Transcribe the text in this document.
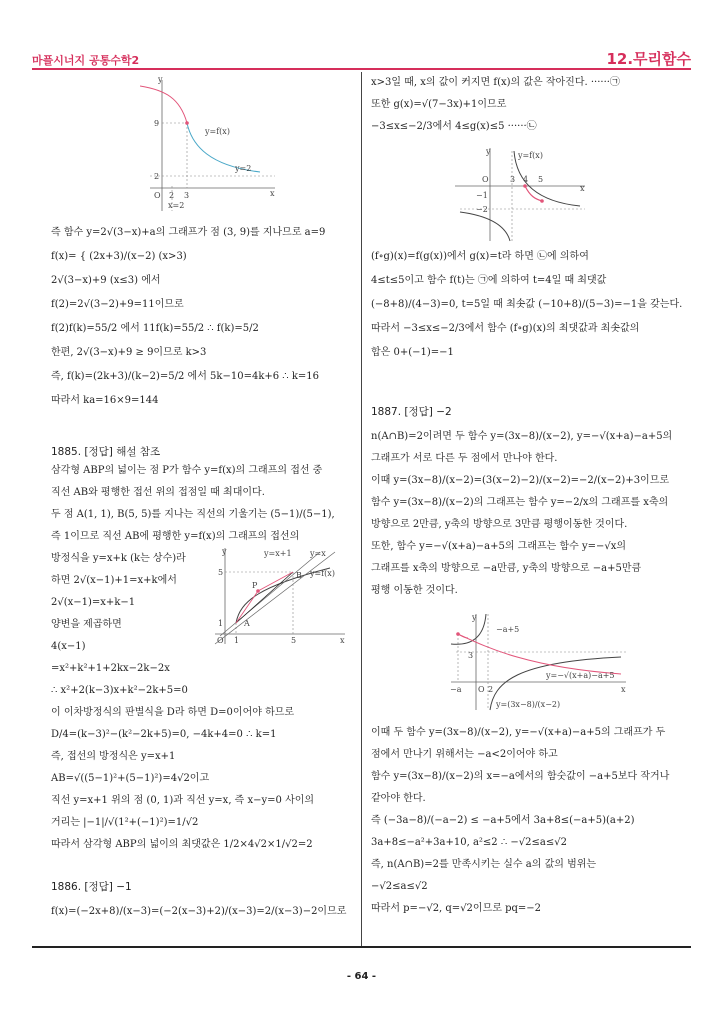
마플시너지 공통수학2	12.무리함수
- 64 -
y
x
O 2 3
9
2
y=f(x)
y=2
x=2
즉 함수 y=2√(3−x)+a의 그래프가 점 (3, 9)를 지나므로 a=9
f(x)= { (2x+3)/(x−2) (x>3)
2√(3−x)+9 (x≤3) 에서
f(2)=2√(3−2)+9=11이므로
f(2)f(k)=55/2 에서 11f(k)=55/2 ∴ f(k)=5/2
한편, 2√(3−x)+9 ≥ 9이므로 k>3
즉, f(k)=(2k+3)/(k−2)=5/2 에서 5k−10=4k+6 ∴ k=16
따라서 ka=16×9=144
1885. [정답] 해설 참조
삼각형 ABP의 넓이는 점 P가 함수 y=f(x)의 그래프의 접선 중
직선 AB와 평행한 접선 위의 접점일 때 최대이다.
두 점 A(1, 1), B(5, 5)를 지나는 직선의 기울기는 (5−1)/(5−1),
즉 1이므로 직선 AB에 평행한 y=f(x)의 그래프의 접선의
방정식을 y=x+k (k는 상수)라
하면 2√(x−1)+1=x+k에서
2√(x−1)=x+k−1
양변을 제곱하면
4(x−1)
=x²+k²+1+2kx−2k−2x
∴ x²+2(k−3)x+k²−2k+5=0
이 이차방정식의 판별식을 D라 하면 D=0이어야 하므로
D/4=(k−3)²−(k²−2k+5)=0, −4k+4=0 ∴ k=1
즉, 접선의 방정식은 y=x+1
AB=√((5−1)²+(5−1)²)=4√2이고
직선 y=x+1 위의 점 (0, 1)과 직선 y=x, 즉 x−y=0 사이의
거리는 |−1|/√(1²+(−1)²)=1/√2
따라서 삼각형 ABP의 넓이의 최댓값은 1/2×4√2×1/√2=2
y
x
O 1	5
1
5
A
B
P
y=x+1 y=x
y=f(x)
1886. [정답] −1
f(x)=(−2x+8)/(x−3)=(−2(x−3)+2)/(x−3)=2/(x−3)−2이므로
x>3일 때, x의 값이 커지면 f(x)의 값은 작아진다. ······㉠
또한 g(x)=√(7−3x)+1이므로
−3≤x≤−2/3에서 4≤g(x)≤5 ······㉡
y
x
O	3 4 5
−1
−2
y=f(x)
(f∘g)(x)=f(g(x))에서 g(x)=t라 하면 ㉡에 의하여
4≤t≤5이고 함수 f(t)는 ㉠에 의하여 t=4일 때 최댓값
(−8+8)/(4−3)=0, t=5일 때 최솟값 (−10+8)/(5−3)=−1을 갖는다.
따라서 −3≤x≤−2/3에서 함수 (f∘g)(x)의 최댓값과 최솟값의
합은 0+(−1)=−1
1887. [정답] −2
n(A∩B)=2이려면 두 함수 y=(3x−8)/(x−2), y=−√(x+a)−a+5의
그래프가 서로 다른 두 점에서 만나야 한다.
이때 y=(3x−8)/(x−2)=(3(x−2)−2)/(x−2)=−2/(x−2)+3이므로
함수 y=(3x−8)/(x−2)의 그래프는 함수 y=−2/x의 그래프를 x축의
방향으로 2만큼, y축의 방향으로 3만큼 평행이동한 것이다.
또한, 함수 y=−√(x+a)−a+5의 그래프는 함수 y=−√x의
그래프를 x축의 방향으로 −a만큼, y축의 방향으로 −a+5만큼
평행 이동한 것이다.
y
x
O 2
−a
3
−a+5
y=−√(x+a)−a+5
y=(3x−8)/(x−2)
이때 두 함수 y=(3x−8)/(x−2), y=−√(x+a)−a+5의 그래프가 두
점에서 만나기 위해서는 −a<2이어야 하고
함수 y=(3x−8)/(x−2)의 x=−a에서의 함숫값이 −a+5보다 작거나
같아야 한다.
즉 (−3a−8)/(−a−2) ≤ −a+5에서 3a+8≤(−a+5)(a+2)
3a+8≤−a²+3a+10, a²≤2 ∴ −√2≤a≤√2
즉, n(A∩B)=2를 만족시키는 실수 a의 값의 범위는
−√2≤a≤√2
따라서 p=−√2, q=√2이므로 pq=−2
